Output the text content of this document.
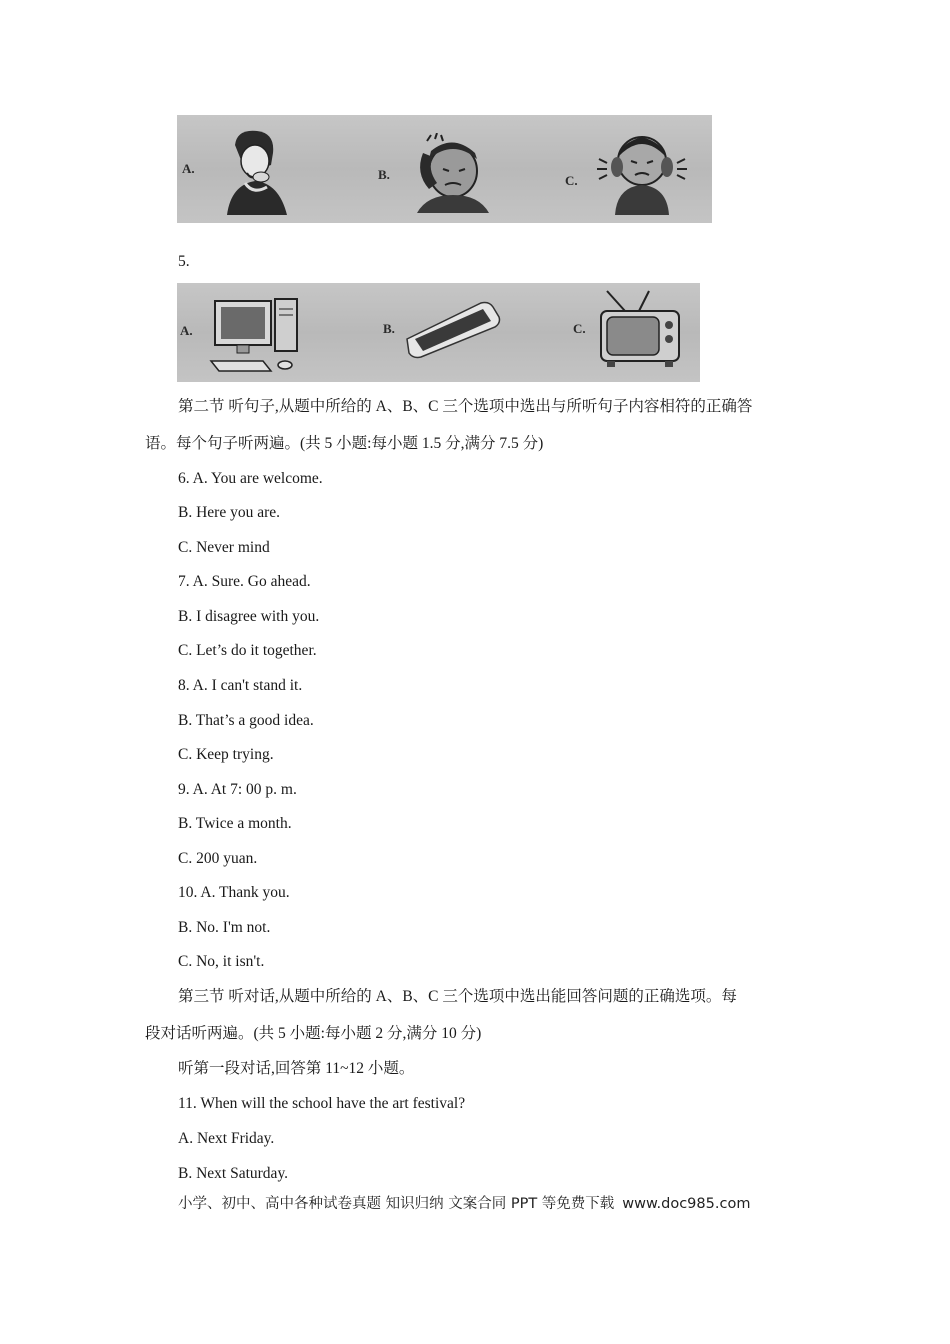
A.	B.	C.
5.
A.	B.	C.
第二节 听句子,从题中所给的 A、B、C 三个选项中选出与所听句子内容相符的正确答
语。每个句子听两遍。(共 5 小题:每小题 1.5 分,满分 7.5 分)
6. A. You are welcome.
B. Here you are.
C. Never mind
7. A. Sure. Go ahead.
B. I disagree with you.
C. Let’s do it together.
8. A. I can't stand it.
B. That’s a good idea.
C. Keep trying.
9. A. At 7: 00 p. m.
B. Twice a month.
C. 200 yuan.
10. A. Thank you.
B. No. I'm not.
C. No, it isn't.
第三节 听对话,从题中所给的 A、B、C 三个选项中选出能回答问题的正确选项。每
段对话听两遍。(共 5 小题:每小题 2 分,满分 10 分)
听第一段对话,回答第 11~12 小题。
11. When will the school have the art festival?
A. Next Friday.
B. Next Saturday.
小学、初中、高中各种试卷真题 知识归纳 文案合同 PPT 等免费下载 www.doc985.com
